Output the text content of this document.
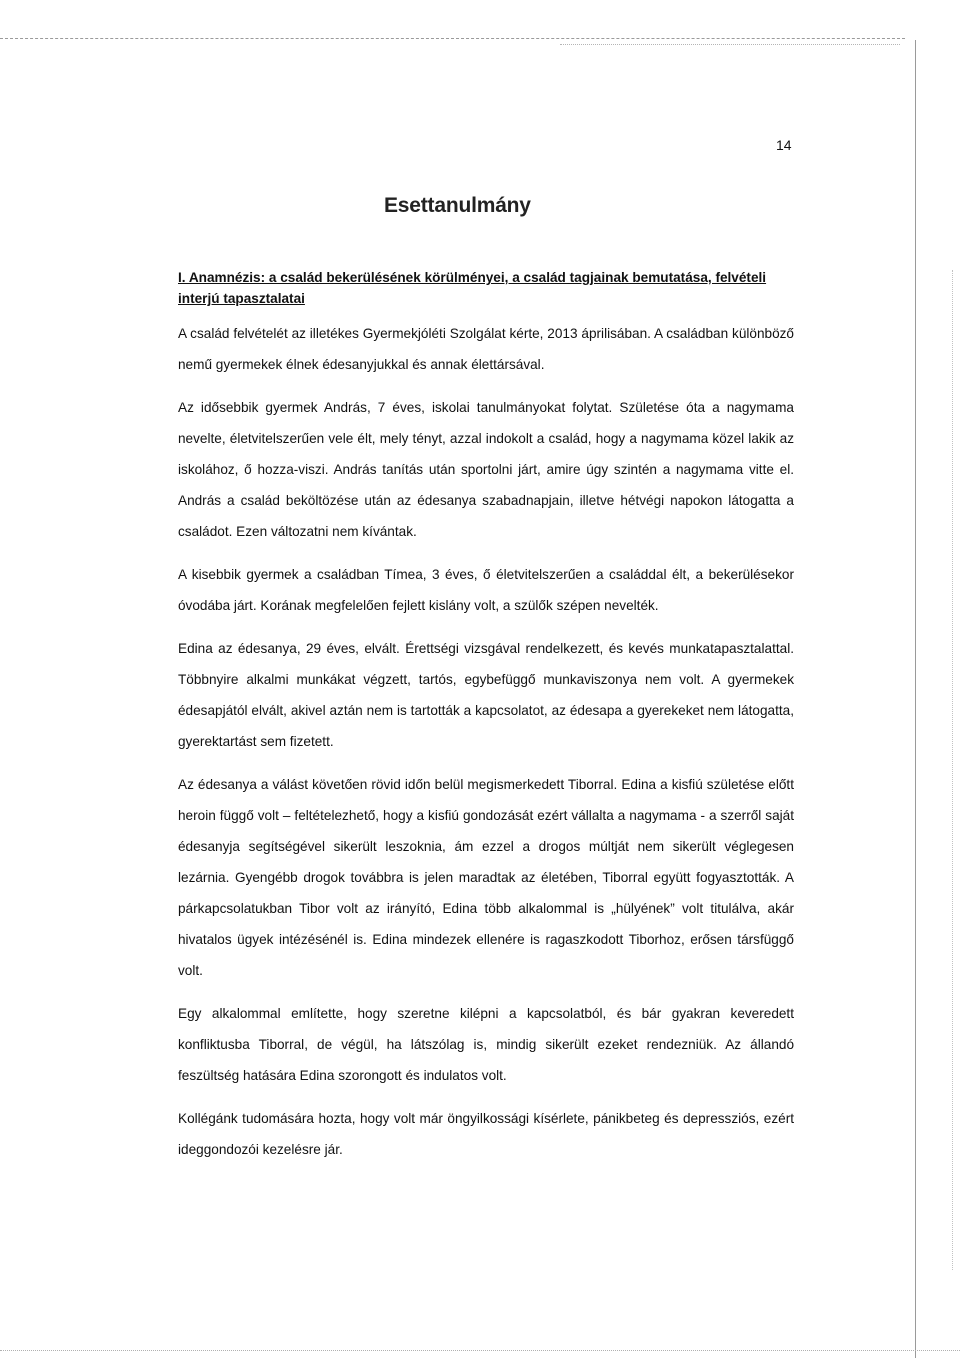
14
Esettanulmány
I. Anamnézis: a család bekerülésének körülményei, a család tagjainak bemutatása, felvételi interjú tapasztalatai

A család felvételét az illetékes Gyermekjóléti Szolgálat kérte, 2013 áprilisában. A családban különböző nemű gyermekek élnek édesanyjukkal és annak élettársával.

Az idősebbik gyermek András, 7 éves, iskolai tanulmányokat folytat. Születése óta a nagymama nevelte, életvitelszerűen vele élt, mely tényt, azzal indokolt a család, hogy a nagymama közel lakik az iskolához, ő hozza-viszi. András tanítás után sportolni járt, amire úgy szintén a nagymama vitte el. András a család beköltözése után az édesanya szabadnapjain, illetve hétvégi napokon látogatta a családot. Ezen változatni nem kívántak.

A kisebbik gyermek a családban Tímea, 3 éves, ő életvitelszerűen a családdal élt, a bekerülésekor óvodába járt. Korának megfelelően fejlett kislány volt, a szülők szépen nevelték.

Edina az édesanya, 29 éves, elvált. Érettségi vizsgával rendelkezett, és kevés munkatapasztalattal. Többnyire alkalmi munkákat végzett, tartós, egybefüggő munkaviszonya nem volt. A gyermekek édesapjától elvált, akivel aztán nem is tartották a kapcsolatot, az édesapa a gyerekeket nem látogatta, gyerektartást sem fizetett.

Az édesanya a válást követően rövid időn belül megismerkedett Tiborral. Edina a kisfiú születése előtt heroin függő volt – feltételezhető, hogy a kisfiú gondozását ezért vállalta a nagymama - a szerről saját édesanyja segítségével sikerült leszoknia, ám ezzel a drogos múltját nem sikerült véglegesen lezárnia. Gyengébb drogok továbbra is jelen maradtak az életében, Tiborral együtt fogyasztották. A párkapcsolatukban Tibor volt az irányító, Edina több alkalommal is „hülyének” volt titulálva, akár hivatalos ügyek intézésénél is. Edina mindezek ellenére is ragaszkodott Tiborhoz, erősen társfüggő volt.

Egy alkalommal említette, hogy szeretne kilépni a kapcsolatból, és bár gyakran keveredett konfliktusba Tiborral, de végül, ha látszólag is, mindig sikerült ezeket rendezniük. Az állandó feszültség hatására Edina szorongott és indulatos volt.

Kollégánk tudomására hozta, hogy volt már öngyilkossági kísérlete, pánikbeteg és depressziós, ezért ideggondozói kezelésre jár.
